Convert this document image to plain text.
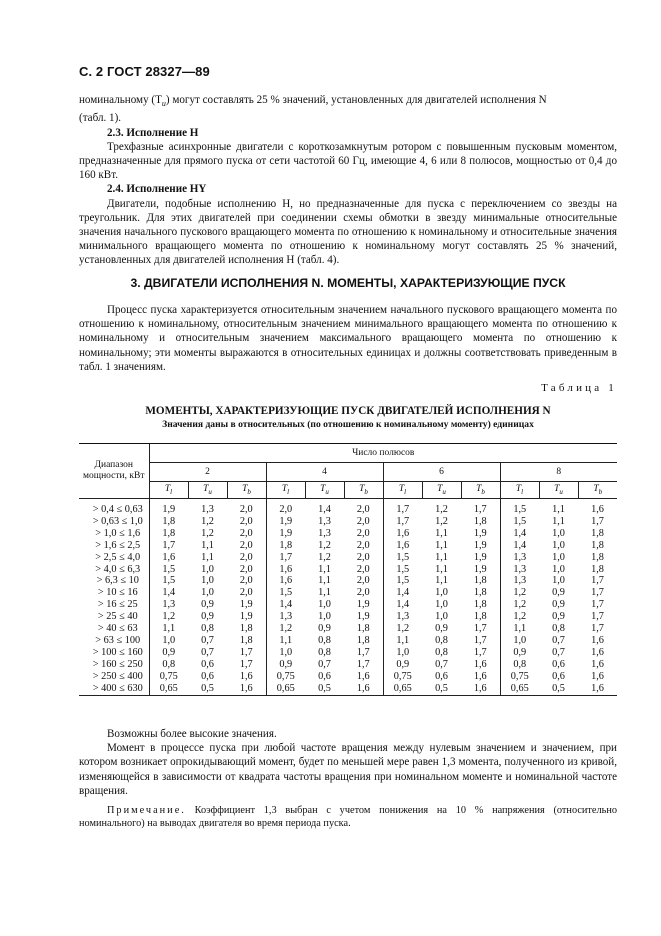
С. 2 ГОСТ 28327—89

номинальному $(T_u)$ могут составлять 25 % значений, установленных для двигателей исполнения N

(табл. 1).

2.3. Исполнение Н

Трехфазные асинхронные двигатели с короткозамкнутым ротором с повышенным пусковым моментом, предназначенные для прямого пуска от сети частотой 60 Гц, имеющие 4, 6 или 8 полюсов, мощностью от 0,4 до 160 кВт.

2.4. Исполнение НY

Двигатели, подобные исполнению Н, но предназначенные для пуска с переключением со звезды на треугольник. Для этих двигателей при соединении схемы обмотки в звезду минимальные относительные значения начального пускового вращающего момента по отношению к номинальному и относительные значения минимального вращающего момента по отношению к номинальному могут составлять 25 % значений, установленных для двигателей исполнения Н (табл. 4).

3. ДВИГАТЕЛИ ИСПОЛНЕНИЯ N. МОМЕНТЫ, ХАРАКТЕРИЗУЮЩИЕ ПУСК

Процесс пуска характеризуется относительным значением начального пускового вращающего момента по отношению к номинальному, относительным значением минимального вращающего момента по отношению к номинальному и относительным значением максимального вращающего момента по отношению к номинальному; эти моменты выражаются в относительных единицах и должны соответствовать приведенным в табл. 1 значениям.

Таблица 1
МОМЕНТЫ, ХАРАКТЕРИЗУЮЩИЕ ПУСК ДВИГАТЕЛЕЙ ИСПОЛНЕНИЯ N
Значения даны в относительных (по отношению к номинальному моменту) единицах
Диапазон мощности, кВт	Число полюсов											
	2			4			6			8		
	$T_l$	$T_u$	$T_b$	$T_l$	$T_u$	$T_b$	$T_l$	$T_u$	$T_b$	$T_l$	$T_u$	$T_b$
> 0,4 ≤ 0,63	1,9	1,3	2,0	2,0	1,4	2,0	1,7	1,2	1,7	1,5	1,1	1,6
> 0,63 ≤ 1,0	1,8	1,2	2,0	1,9	1,3	2,0	1,7	1,2	1,8	1,5	1,1	1,7
> 1,0 ≤ 1,6	1,8	1,2	2,0	1,9	1,3	2,0	1,6	1,1	1,9	1,4	1,0	1,8
> 1,6 ≤ 2,5	1,7	1,1	2,0	1,8	1,2	2,0	1,6	1,1	1,9	1,4	1,0	1,8
> 2,5 ≤ 4,0	1,6	1,1	2,0	1,7	1,2	2,0	1,5	1,1	1,9	1,3	1,0	1,8
> 4,0 ≤ 6,3	1,5	1,0	2,0	1,6	1,1	2,0	1,5	1,1	1,9	1,3	1,0	1,8
> 6,3 ≤ 10	1,5	1,0	2,0	1,6	1,1	2,0	1,5	1,1	1,8	1,3	1,0	1,7
> 10 ≤ 16	1,4	1,0	2,0	1,5	1,1	2,0	1,4	1,0	1,8	1,2	0,9	1,7
> 16 ≤ 25	1,3	0,9	1,9	1,4	1,0	1,9	1,4	1,0	1,8	1,2	0,9	1,7
> 25 ≤ 40	1,2	0,9	1,9	1,3	1,0	1,9	1,3	1,0	1,8	1,2	0,9	1,7
> 40 ≤ 63	1,1	0,8	1,8	1,2	0,9	1,8	1,2	0,9	1,7	1,1	0,8	1,7
> 63 ≤ 100	1,0	0,7	1,8	1,1	0,8	1,8	1,1	0,8	1,7	1,0	0,7	1,6
> 100 ≤ 160	0,9	0,7	1,7	1,0	0,8	1,7	1,0	0,8	1,7	0,9	0,7	1,6
> 160 ≤ 250	0,8	0,6	1,7	0,9	0,7	1,7	0,9	0,7	1,6	0,8	0,6	1,6
> 250 ≤ 400	0,75	0,6	1,6	0,75	0,6	1,6	0,75	0,6	1,6	0,75	0,6	1,6
> 400 ≤ 630	0,65	0,5	1,6	0,65	0,5	1,6	0,65	0,5	1,6	0,65	0,5	1,6

Возможны более высокие значения.

Момент в процессе пуска при любой частоте вращения между нулевым значением и значением, при котором возникает опрокидывающий момент, будет по меньшей мере равен 1,3 момента, полученного из кривой, изменяющейся в зависимости от квадрата частоты вращения при номинальном моменте и номинальной частоте вращения.

Примечание. Коэффициент 1,3 выбран с учетом понижения на 10 % напряжения (относительно номинального) на выводах двигателя во время периода пуска.
